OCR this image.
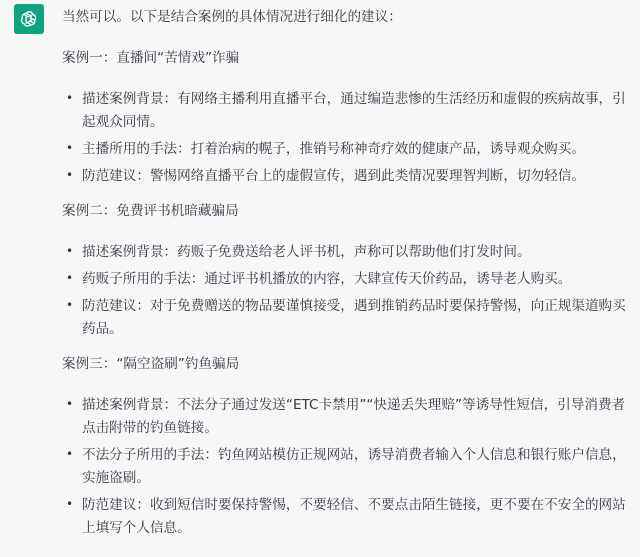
当然可以。以下是结合案例的具体情况进行细化的建议：

案例一：直播间“苦情戏”诈骗

• 描述案例背景：有网络主播利用直播平台，通过编造悲惨的生活经历和虚假的疾病故事，引起观众同情。
• 主播所用的手法：打着治病的幌子，推销号称神奇疗效的健康产品，诱导观众购买。
• 防范建议：警惕网络直播平台上的虚假宣传，遇到此类情况要理智判断，切勿轻信。

案例二：免费评书机暗藏骗局

• 描述案例背景：药贩子免费送给老人评书机，声称可以帮助他们打发时间。
• 药贩子所用的手法：通过评书机播放的内容，大肆宣传天价药品，诱导老人购买。
• 防范建议：对于免费赠送的物品要谨慎接受，遇到推销药品时要保持警惕，向正规渠道购买药品。

案例三：“隔空盗刷”钓鱼骗局

• 描述案例背景：不法分子通过发送“ETC卡禁用”“快递丢失理赔”等诱导性短信，引导消费者点击附带的钓鱼链接。
• 不法分子所用的手法：钓鱼网站模仿正规网站，诱导消费者输入个人信息和银行账户信息，实施盗刷。
• 防范建议：收到短信时要保持警惕，不要轻信、不要点击陌生链接，更不要在不安全的网站上填写个人信息。
